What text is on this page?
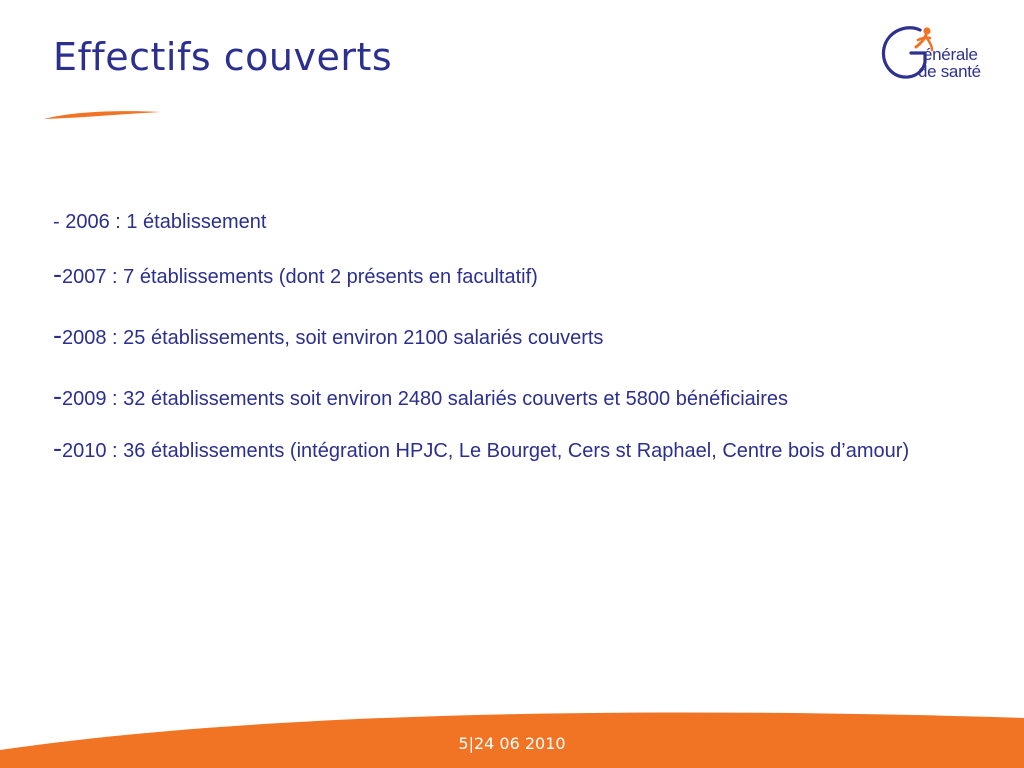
Effectifs couverts	énérale
de santé
- 2006 : 1 établissement
-2007 : 7 établissements (dont 2 présents en facultatif)
-2008 : 25 établissements, soit environ 2100 salariés couverts
-2009 : 32 établissements soit environ 2480 salariés couverts et 5800 bénéficiaires
-2010 : 36 établissements (intégration HPJC, Le Bourget, Cers st Raphael, Centre bois d’amour)
5|24 06 2010
